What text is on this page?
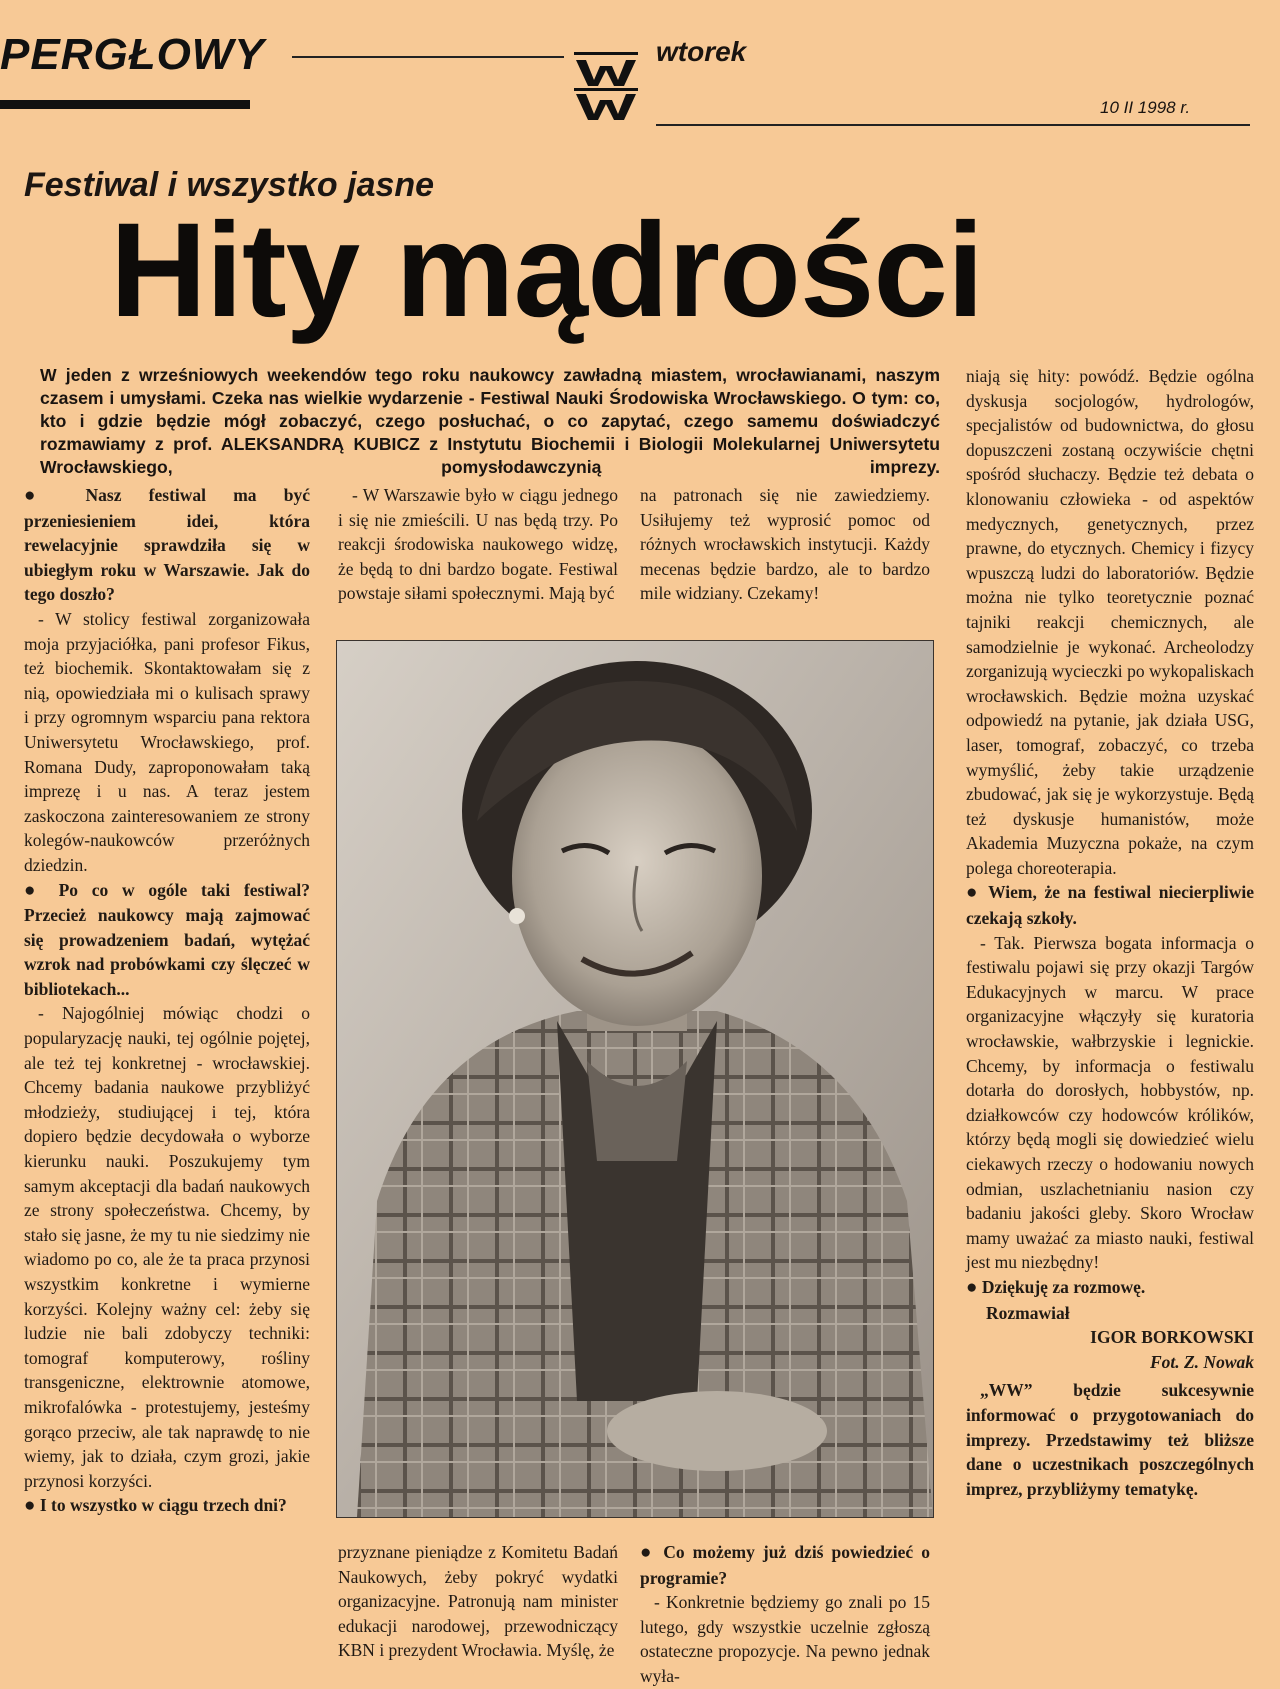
PERGŁOWY	wtorek
10 II 1998 r.
Festiwal i wszystko jasne
Hity mądrości
W jeden z wrześniowych weekendów tego roku naukowcy zawładną miastem, wrocławianami, naszym czasem i umysłami. Czeka nas wielkie wydarzenie - Festiwal Nauki Środowiska Wrocławskiego. O tym: co, kto i gdzie będzie mógł zobaczyć, czego posłuchać, o co zapytać, czego samemu doświadczyć rozmawiamy z prof. ALEKSANDRĄ KUBICZ z Instytutu Biochemii i Biologii Molekularnej Uniwersytetu Wrocławskiego, pomysłodawczynią imprezy.

● Nasz festiwal ma być przeniesieniem idei, która rewelacyjnie sprawdziła się w ubiegłym roku w Warszawie. Jak do tego doszło?

- W stolicy festiwal zorganizowała moja przyjaciółka, pani profesor Fikus, też biochemik. Skontaktowałam się z nią, opowiedziała mi o kulisach sprawy i przy ogromnym wsparciu pana rektora Uniwersytetu Wrocławskiego, prof. Romana Dudy, zaproponowałam taką imprezę i u nas. A teraz jestem zaskoczona zainteresowaniem ze strony kolegów-naukowców przeróżnych dziedzin.

● Po co w ogóle taki festiwal? Przecież naukowcy mają zajmować się prowadzeniem badań, wytężać wzrok nad probówkami czy ślęczeć w bibliotekach...

- Najogólniej mówiąc chodzi o popularyzację nauki, tej ogólnie pojętej, ale też tej konkretnej - wrocławskiej. Chcemy badania naukowe przybliżyć młodzieży, studiującej i tej, która dopiero będzie decydowała o wyborze kierunku nauki. Poszukujemy tym samym akceptacji dla badań naukowych ze strony społeczeństwa. Chcemy, by stało się jasne, że my tu nie siedzimy nie wiadomo po co, ale że ta praca przynosi wszystkim konkretne i wymierne korzyści. Kolejny ważny cel: żeby się ludzie nie bali zdobyczy techniki: tomograf komputerowy, rośliny transgeniczne, elektrownie atomowe, mikrofalówka - protestujemy, jesteśmy gorąco przeciw, ale tak naprawdę to nie wiemy, jak to działa, czym grozi, jakie przynosi korzyści.

● I to wszystko w ciągu trzech dni?

- W Warszawie było w ciągu jednego i się nie zmieścili. U nas będą trzy. Po reakcji środowiska naukowego widzę, że będą to dni bardzo bogate. Festiwal powstaje siłami społecznymi. Mają być

przyznane pieniądze z Komitetu Badań Naukowych, żeby pokryć wydatki organizacyjne. Patronują nam minister edukacji narodowej, przewodniczący KBN i prezydent Wrocławia. Myślę, że

na patronach się nie zawiedziemy. Usiłujemy też wyprosić pomoc od różnych wrocławskich instytucji. Każdy mecenas będzie bardzo, ale to bardzo mile widziany. Czekamy!

● Co możemy już dziś powiedzieć o programie?

- Konkretnie będziemy go znali po 15 lutego, gdy wszystkie uczelnie zgłoszą ostateczne propozycje. Na pewno jednak wyła-

niają się hity: powódź. Będzie ogólna dyskusja socjologów, hydrologów, specjalistów od budownictwa, do głosu dopuszczeni zostaną oczywiście chętni spośród słuchaczy. Będzie też debata o klonowaniu człowieka - od aspektów medycznych, genetycznych, przez prawne, do etycznych. Chemicy i fizycy wpuszczą ludzi do laboratoriów. Będzie można nie tylko teoretycznie poznać tajniki reakcji chemicznych, ale samodzielnie je wykonać. Archeolodzy zorganizują wycieczki po wykopaliskach wrocławskich. Będzie można uzyskać odpowiedź na pytanie, jak działa USG, laser, tomograf, zobaczyć, co trzeba wymyślić, żeby takie urządzenie zbudować, jak się je wykorzystuje. Będą też dyskusje humanistów, może Akademia Muzyczna pokaże, na czym polega choreoterapia.

● Wiem, że na festiwal niecierpliwie czekają szkoły.

- Tak. Pierwsza bogata informacja o festiwalu pojawi się przy okazji Targów Edukacyjnych w marcu. W prace organizacyjne włączyły się kuratoria wrocławskie, wałbrzyskie i legnickie. Chcemy, by informacja o festiwalu dotarła do dorosłych, hobbystów, np. działkowców czy hodowców królików, którzy będą mogli się dowiedzieć wielu ciekawych rzeczy o hodowaniu nowych odmian, uszlachetnianiu nasion czy badaniu jakości gleby. Skoro Wrocław mamy uważać za miasto nauki, festiwal jest mu niezbędny!

● Dziękuję za rozmowę.

Rozmawiał

IGOR BORKOWSKI

Fot. Z. Nowak

„WW” będzie sukcesywnie informować o przygotowaniach do imprezy. Przedstawimy też bliższe dane o uczestnikach poszczególnych imprez, przybliżymy tematykę.
